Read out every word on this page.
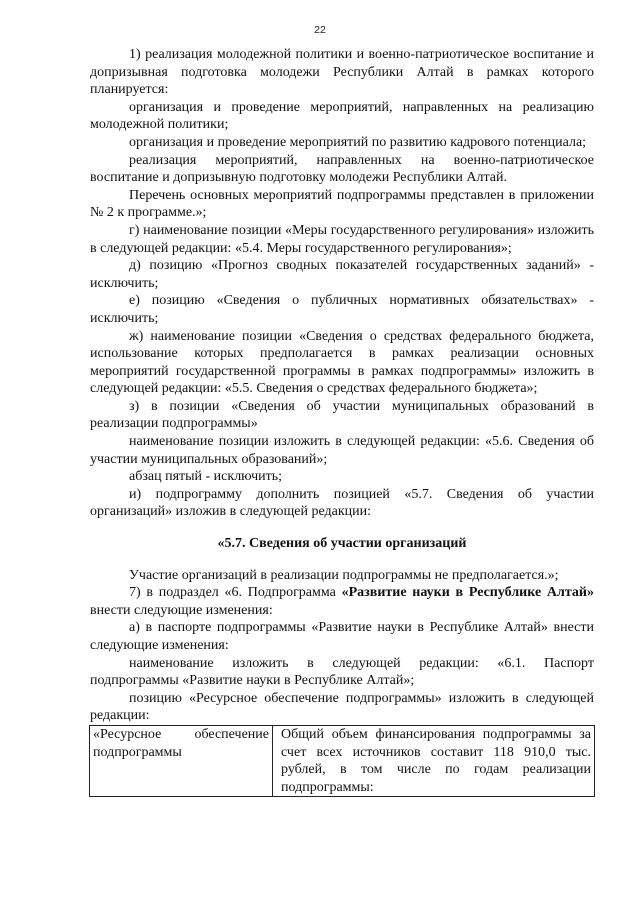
22

1) реализация молодежной политики и военно-патриотическое воспитание и допризывная подготовка молодежи Республики Алтай в рамках которого планируется:

организация и проведение мероприятий, направленных на реализацию молодежной политики;

организация и проведение мероприятий по развитию кадрового потенциала;

реализация мероприятий, направленных на военно-патриотическое воспитание и допризывную подготовку молодежи Республики Алтай.

Перечень основных мероприятий подпрограммы представлен в приложении № 2 к программе.»;

г) наименование позиции «Меры государственного регулирования» изложить в следующей редакции: «5.4. Меры государственного регулирования»;

д) позицию «Прогноз сводных показателей государственных заданий» - исключить;

е) позицию «Сведения о публичных нормативных обязательствах» - исключить;

ж) наименование позиции «Сведения о средствах федерального бюджета, использование которых предполагается в рамках реализации основных мероприятий государственной программы в рамках подпрограммы» изложить в следующей редакции: «5.5. Сведения о средствах федерального бюджета»;

з) в позиции «Сведения об участии муниципальных образований в реализации подпрограммы»

наименование позиции изложить в следующей редакции: «5.6. Сведения об участии муниципальных образований»;

абзац пятый - исключить;

и) подпрограмму дополнить позицией «5.7. Сведения об участии организаций» изложив в следующей редакции:

«5.7. Сведения об участии организаций

Участие организаций в реализации подпрограммы не предполагается.»;

7) в подраздел «6. Подпрограмма «Развитие науки в Республике Алтай» внести следующие изменения:

а) в паспорте подпрограммы «Развитие науки в Республике Алтай» внести следующие изменения:

наименование изложить в следующей редакции: «6.1. Паспорт подпрограммы «Развитие науки в Республике Алтай»;

позицию «Ресурсное обеспечение подпрограммы» изложить в следующей редакции:

«Ресурсное обеспечение подпрограммы	Общий объем финансирования подпрограммы за счет всех источников составит 118 910,0 тыс. рублей, в том числе по годам реализации подпрограммы:
